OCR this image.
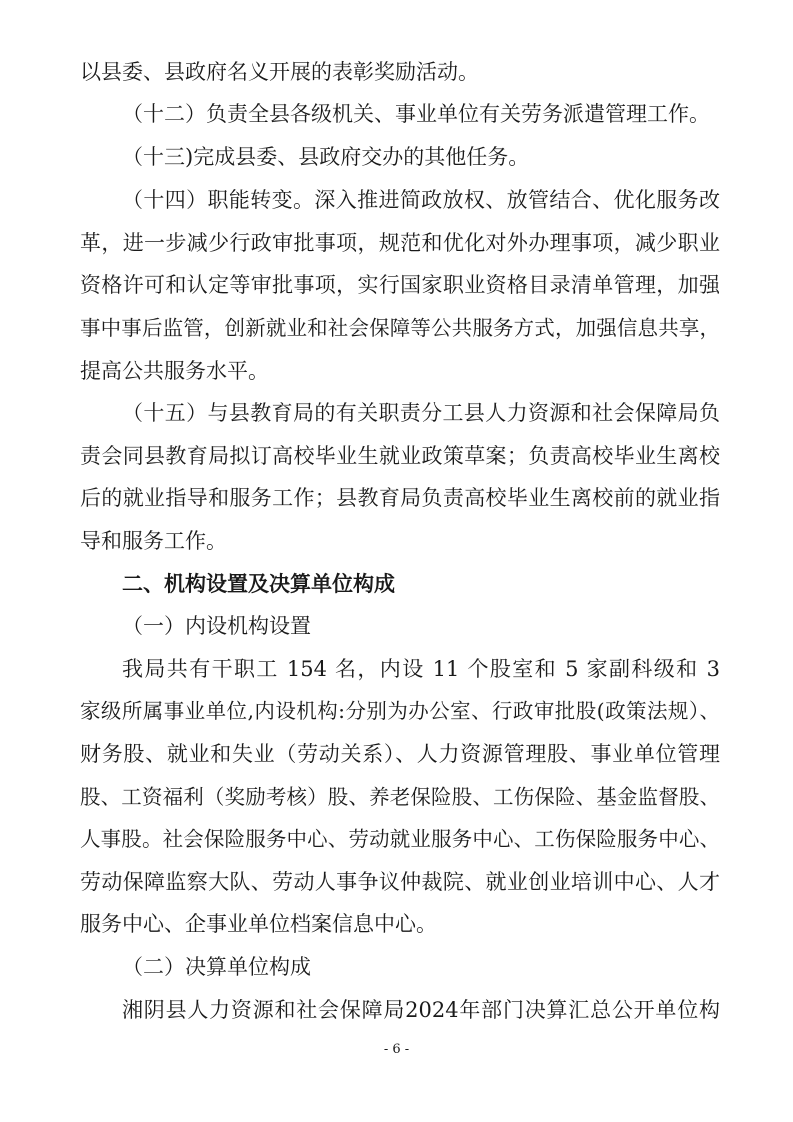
以县委、县政府名义开展的表彰奖励活动。
（十二）负责全县各级机关、事业单位有关劳务派遣管理工作。
（十三)完成县委、县政府交办的其他任务。
（十四）职能转变。深入推进简政放权、放管结合、优化服务改
革，进一步减少行政审批事项，规范和优化对外办理事项，减少职业
资格许可和认定等审批事项，实行国家职业资格目录清单管理，加强
事中事后监管，创新就业和社会保障等公共服务方式，加强信息共享，
提高公共服务水平。
（十五）与县教育局的有关职责分工县人力资源和社会保障局负
责会同县教育局拟订高校毕业生就业政策草案；负责高校毕业生离校
后的就业指导和服务工作；县教育局负责高校毕业生离校前的就业指
导和服务工作。
二、机构设置及决算单位构成
（一）内设机构设置
我局共有干职工 154 名，内设 11 个股室和 5 家副科级和 3
家级所属事业单位,内设机构:分别为办公室、行政审批股(政策法规）、
财务股、就业和失业（劳动关系）、人力资源管理股、事业单位管理
股、工资福利（奖励考核）股、养老保险股、工伤保险、基金监督股、
人事股。社会保险服务中心、劳动就业服务中心、工伤保险服务中心、
劳动保障监察大队、劳动人事争议仲裁院、就业创业培训中心、人才
服务中心、企事业单位档案信息中心。
（二）决算单位构成
湘阴县人力资源和社会保障局2024年部门决算汇总公开单位构
- 6 -
